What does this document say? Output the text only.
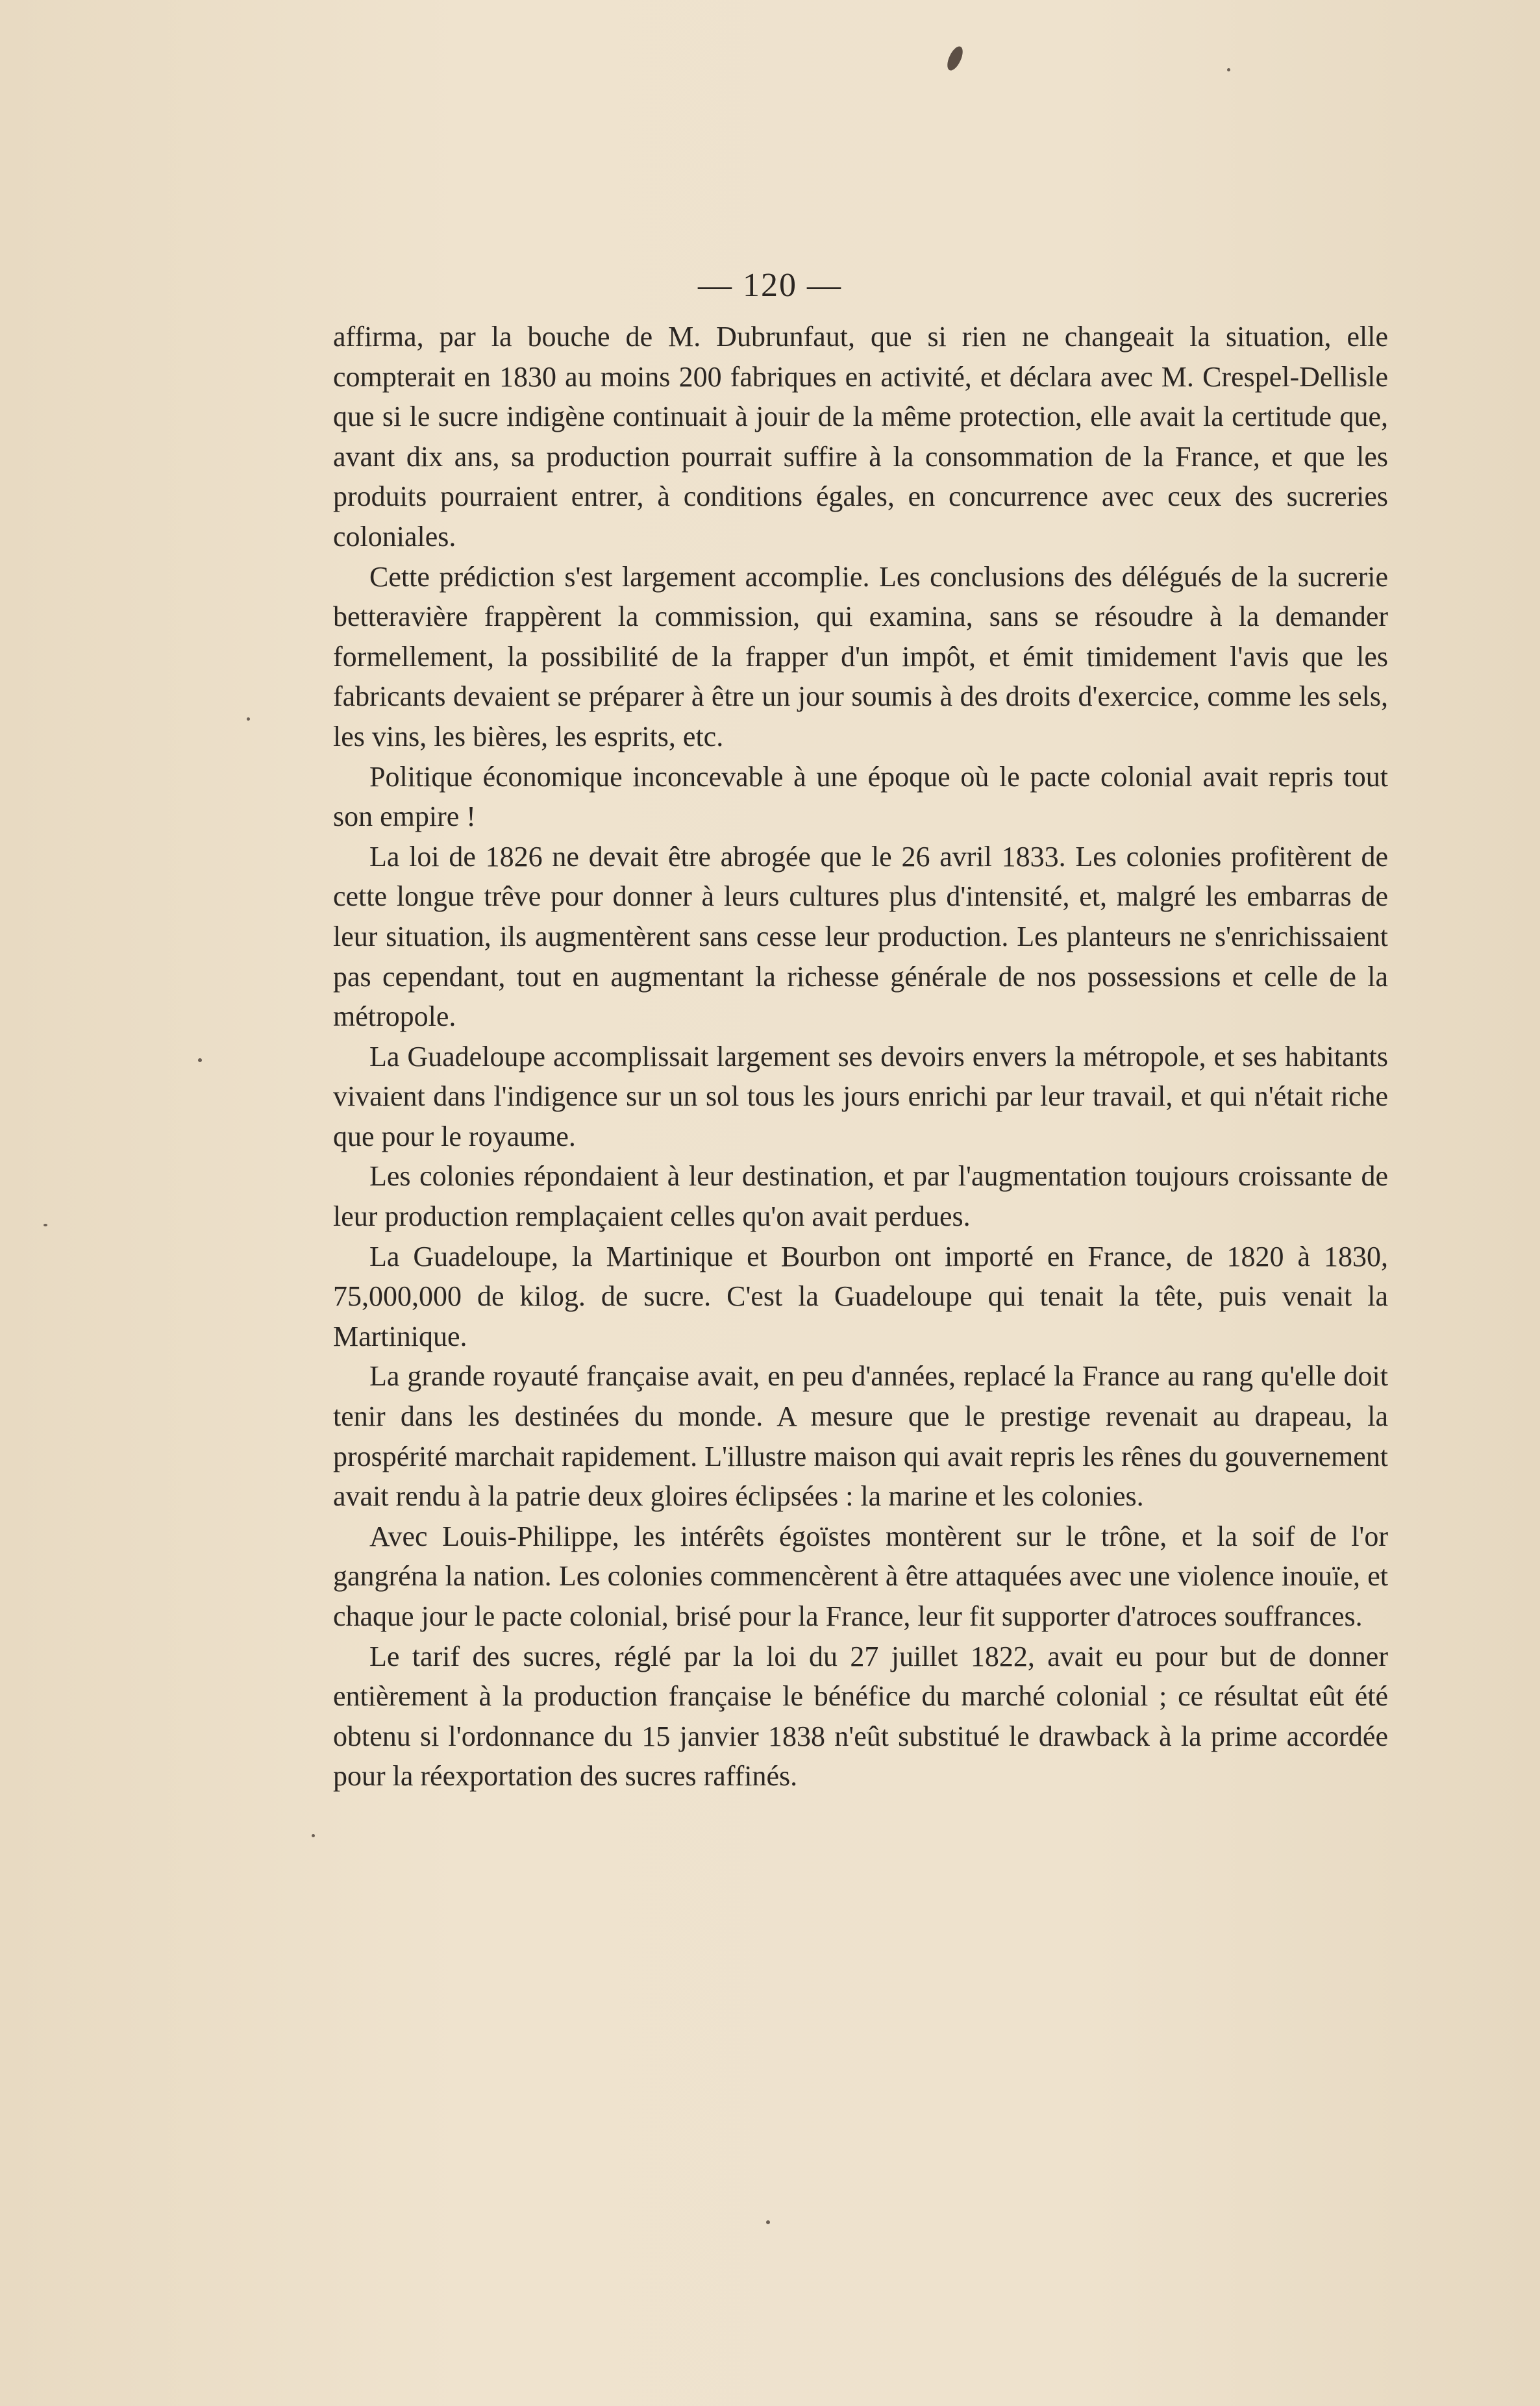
— 120 —

affirma, par la bouche de M. Dubrunfaut, que si rien ne changeait la situation, elle compterait en 1830 au moins 200 fabriques en activité, et déclara avec M. Crespel-Dellisle que si le sucre indigène continuait à jouir de la même protection, elle avait la certitude que, avant dix ans, sa production pourrait suffire à la consommation de la France, et que les produits pourraient entrer, à conditions égales, en concurrence avec ceux des sucreries coloniales.

Cette prédiction s'est largement accomplie. Les conclusions des délégués de la sucrerie betteravière frappèrent la commission, qui examina, sans se résoudre à la demander formellement, la possibilité de la frapper d'un impôt, et émit timidement l'avis que les fabricants devaient se préparer à être un jour soumis à des droits d'exercice, comme les sels, les vins, les bières, les esprits, etc.

Politique économique inconcevable à une époque où le pacte colonial avait repris tout son empire !

La loi de 1826 ne devait être abrogée que le 26 avril 1833. Les colonies profitèrent de cette longue trêve pour donner à leurs cultures plus d'intensité, et, malgré les embarras de leur situation, ils augmentèrent sans cesse leur production. Les planteurs ne s'enrichissaient pas cependant, tout en augmentant la richesse générale de nos possessions et celle de la métropole.

La Guadeloupe accomplissait largement ses devoirs envers la métropole, et ses habitants vivaient dans l'indigence sur un sol tous les jours enrichi par leur travail, et qui n'était riche que pour le royaume.

Les colonies répondaient à leur destination, et par l'augmentation toujours croissante de leur production remplaçaient celles qu'on avait perdues.

La Guadeloupe, la Martinique et Bourbon ont importé en France, de 1820 à 1830, 75,000,000 de kilog. de sucre. C'est la Guadeloupe qui tenait la tête, puis venait la Martinique.

La grande royauté française avait, en peu d'années, replacé la France au rang qu'elle doit tenir dans les destinées du monde. A mesure que le prestige revenait au drapeau, la prospérité marchait rapidement. L'illustre maison qui avait repris les rênes du gouvernement avait rendu à la patrie deux gloires éclipsées : la marine et les colonies.

Avec Louis-Philippe, les intérêts égoïstes montèrent sur le trône, et la soif de l'or gangréna la nation. Les colonies commencèrent à être attaquées avec une violence inouïe, et chaque jour le pacte colonial, brisé pour la France, leur fit supporter d'atroces souffrances.

Le tarif des sucres, réglé par la loi du 27 juillet 1822, avait eu pour but de donner entièrement à la production française le bénéfice du marché colonial ; ce résultat eût été obtenu si l'ordonnance du 15 janvier 1838 n'eût substitué le drawback à la prime accordée pour la réexportation des sucres raffinés.
